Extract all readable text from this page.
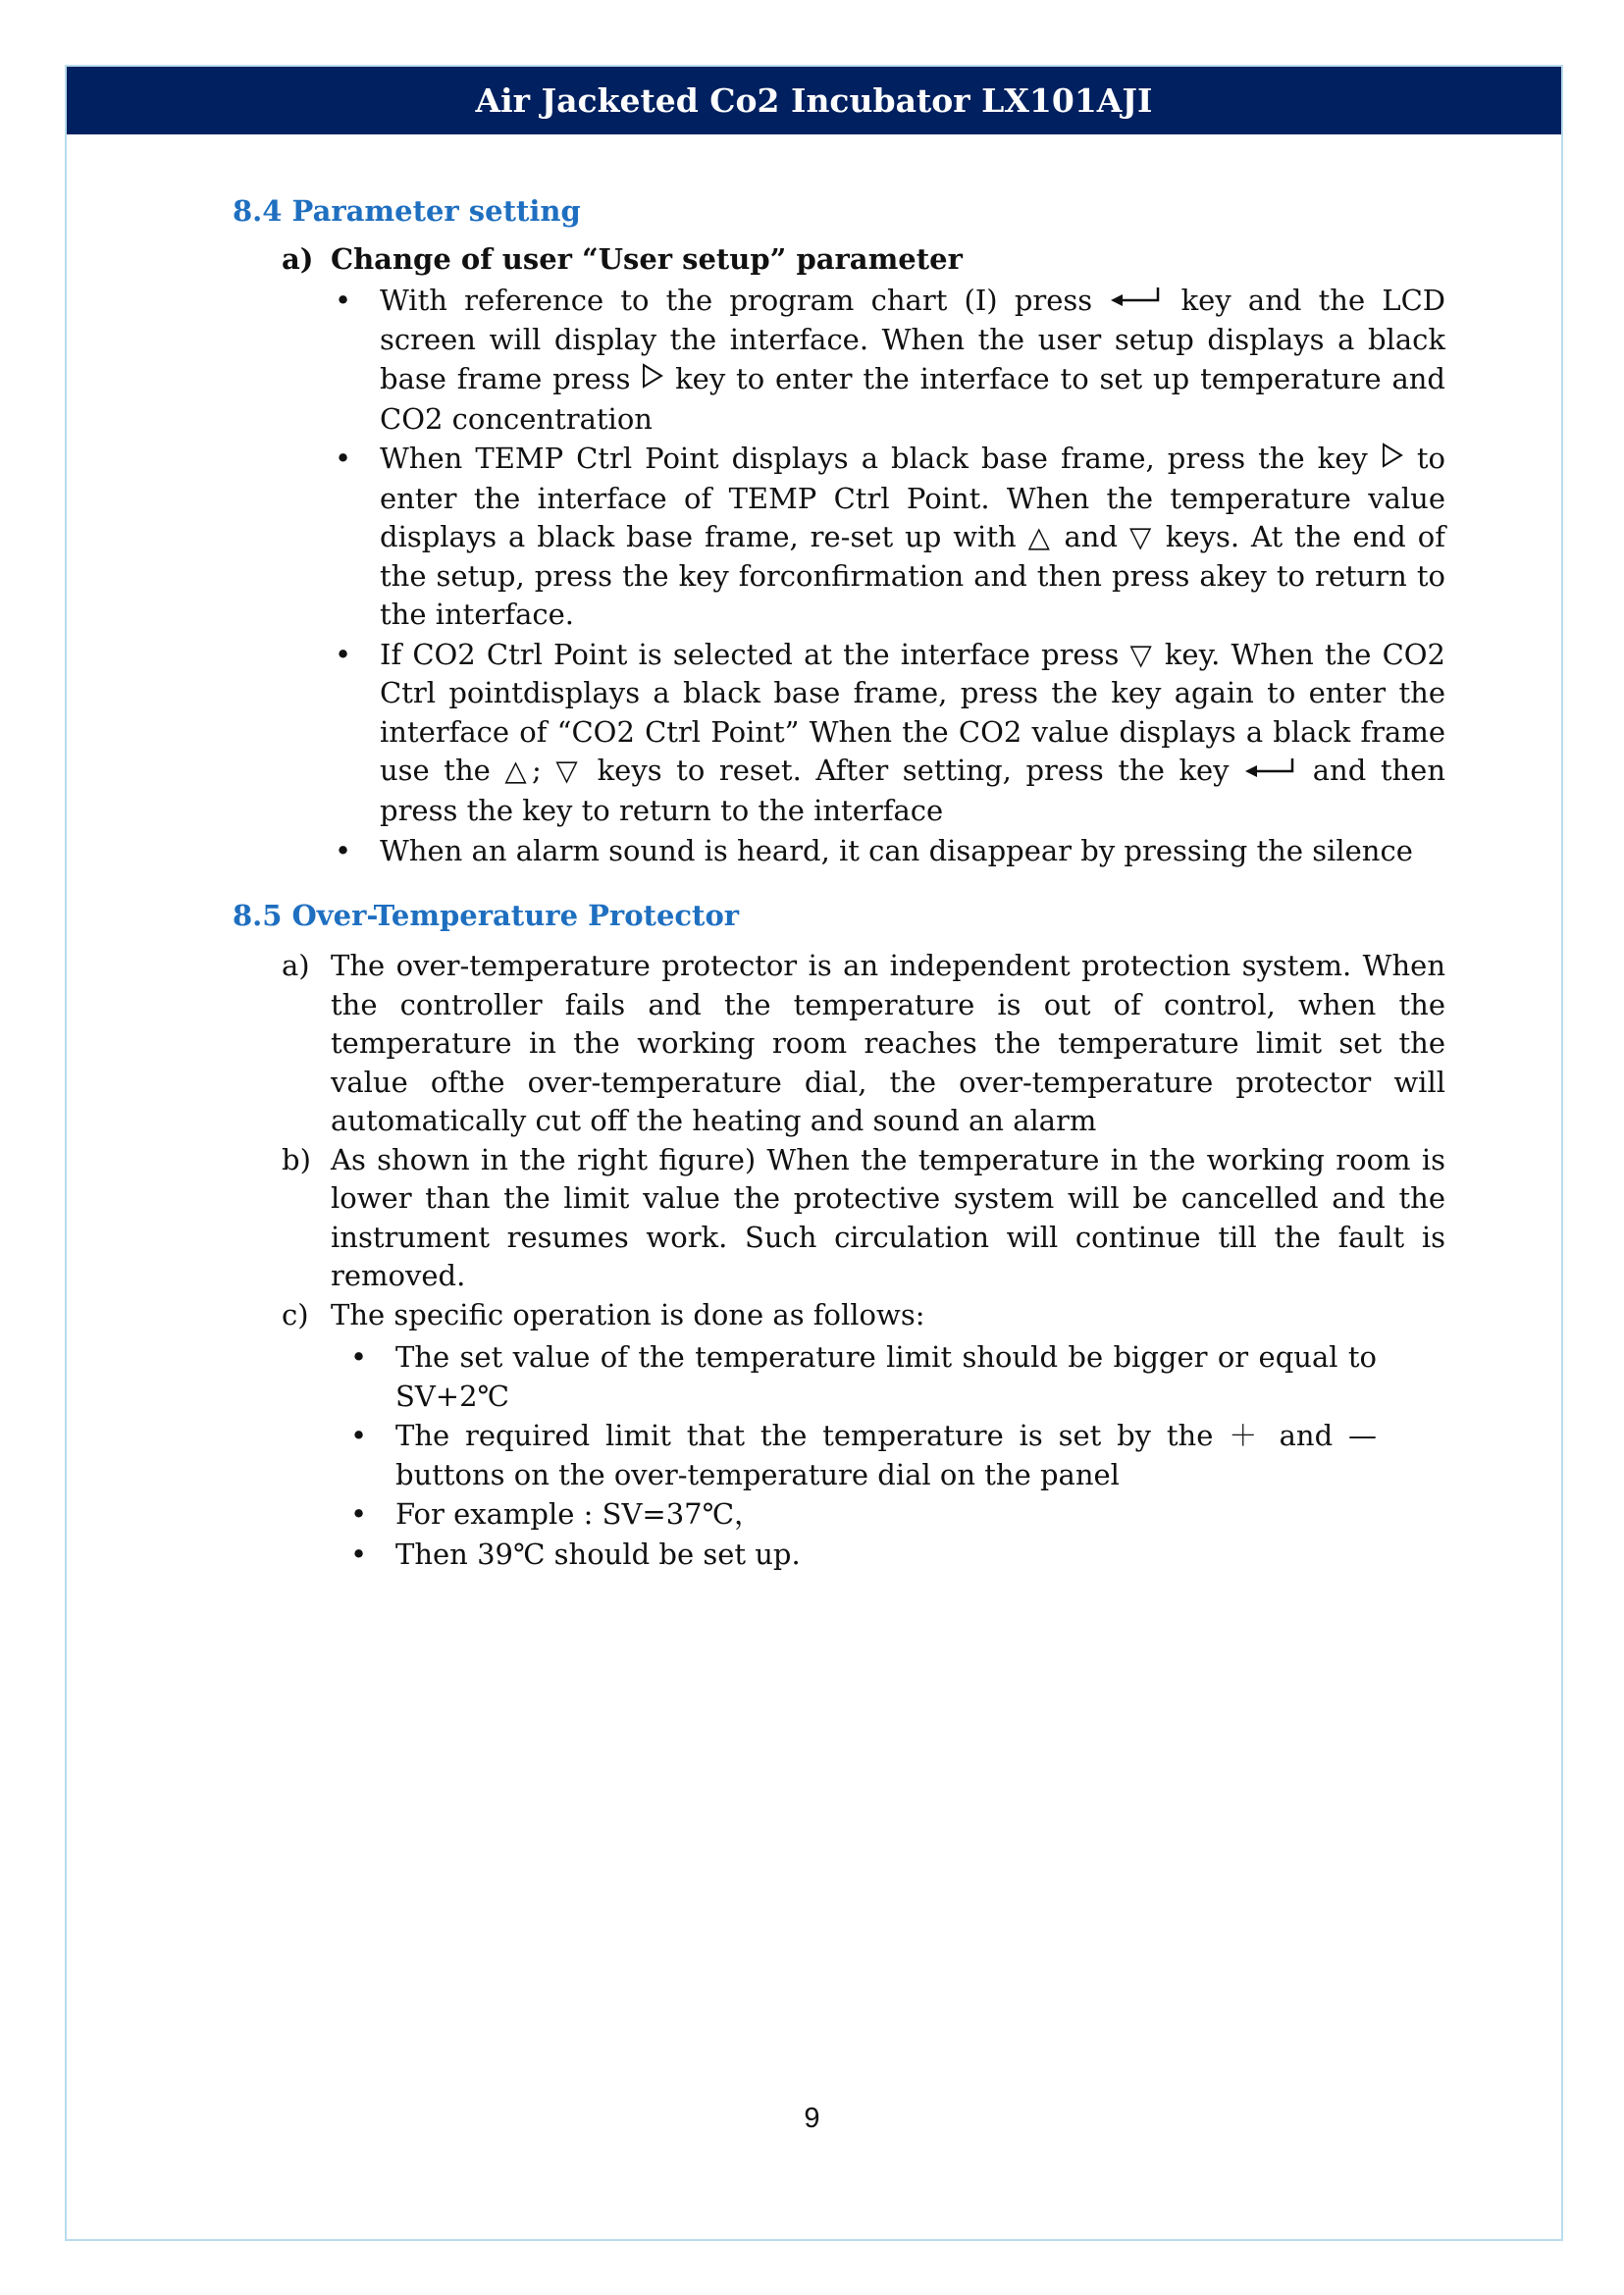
Air Jacketed Co2 Incubator LX101AJI
8.4 Parameter setting
a) Change of user “User setup” parameter
• With reference to the program chart (I) press	key and the LCD screen will display the interface. When the user setup displays a black base frame press key to enter the interface to set up temperature and CO2 concentration
• When TEMP Ctrl Point displays a black base frame, press the key to enter the interface of TEMP Ctrl Point. When the temperature value displays a black base frame, re-set up with △ and ▽ keys. At the end of the setup, press the key forconfirmation and then press akey to return to the interface.
• If CO2 Ctrl Point is selected at the interface press ▽ key. When the CO2 Ctrl pointdisplays a black base frame, press the key again to enter the interface of “CO2 Ctrl Point” When the CO2 value displays a black frame use the △; ▽ keys to reset. After setting, press the key	and then press the key to return to the interface
• When an alarm sound is heard, it can disappear by pressing the silence
8.5 Over-Temperature Protector
a) The over-temperature protector is an independent protection system. When the controller fails and the temperature is out of control, when the temperature in the working room reaches the temperature limit set the value ofthe over-temperature dial, the over-temperature protector will automatically cut off the heating and sound an alarm
b) As shown in the right figure) When the temperature in the working room is lower than the limit value the protective system will be cancelled and the instrument resumes work. Such circulation will continue till the fault is removed.
c) The specific operation is done as follows:
• The set value of the temperature limit should be bigger or equal to SV+2℃
• The required limit that the temperature is set by the ＋ and — buttons on the over-temperature dial on the panel
• For example : SV=37℃，
• Then 39℃ should be set up.
9
